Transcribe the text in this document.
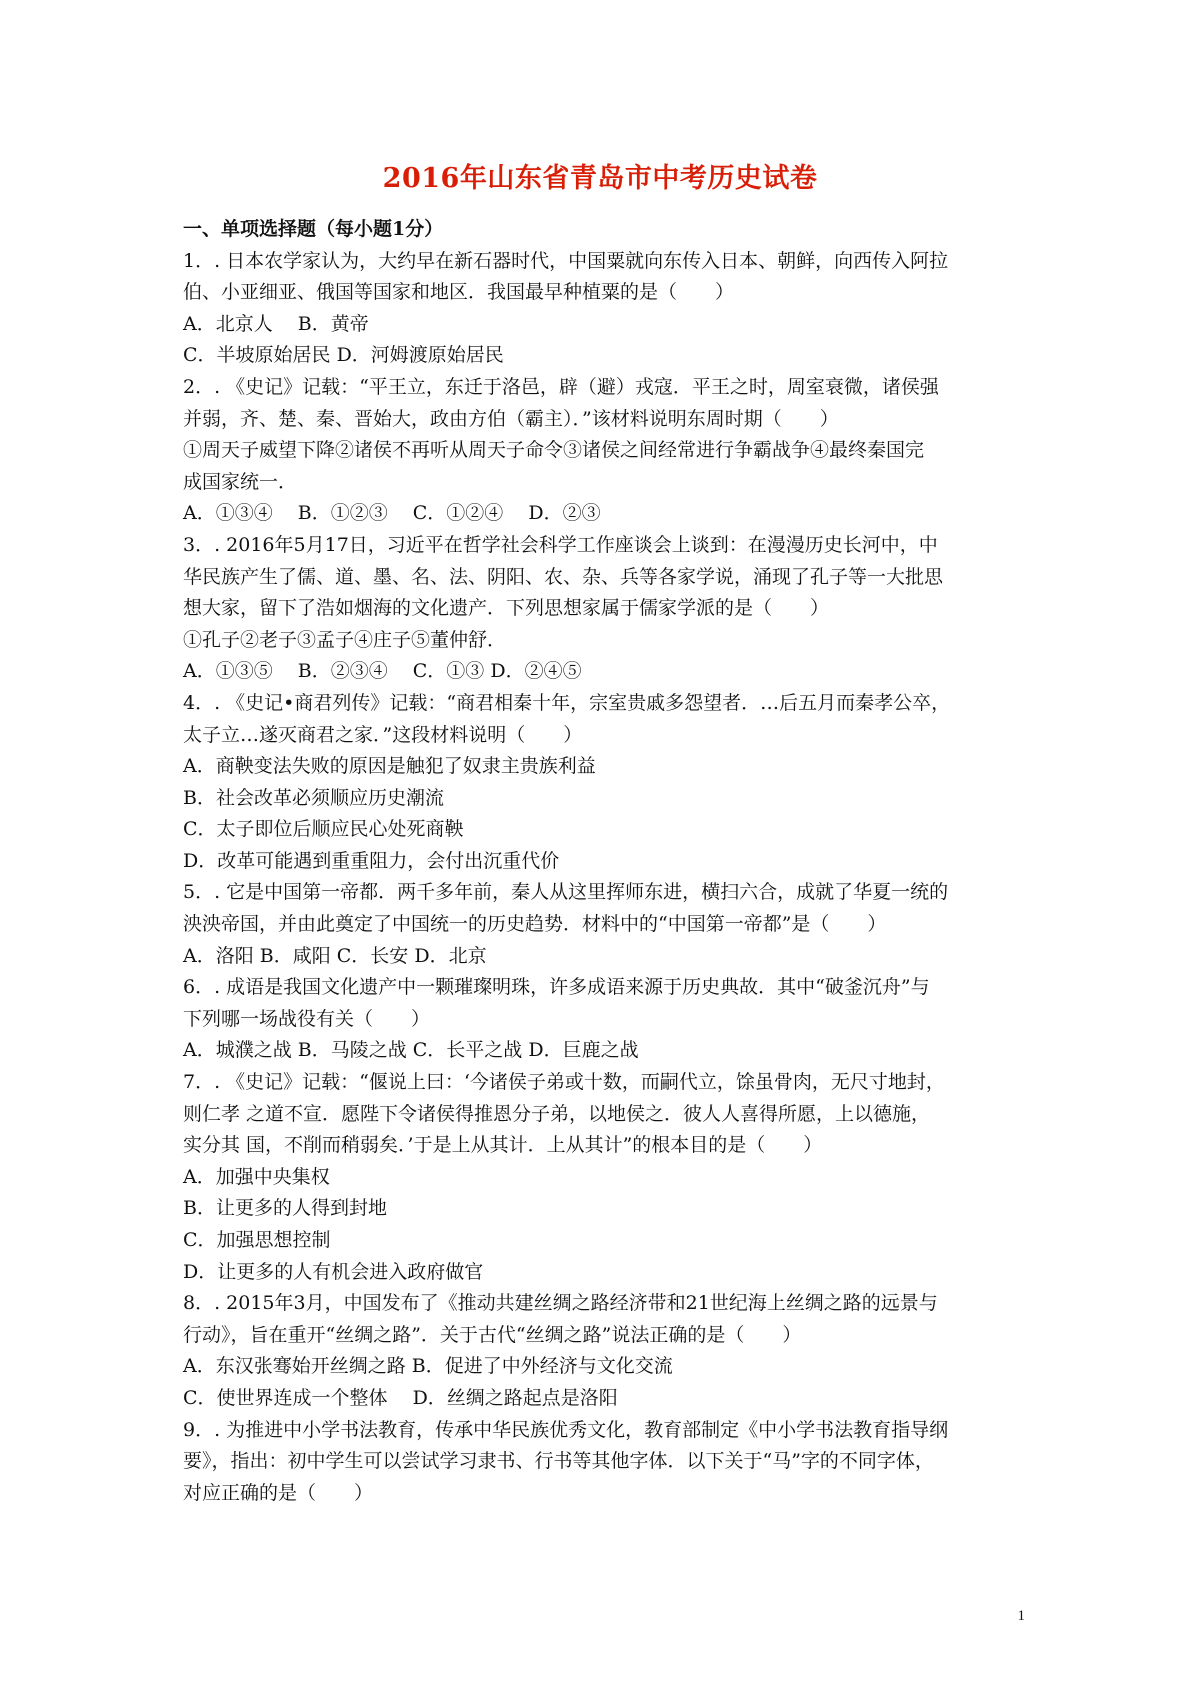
2016年山东省青岛市中考历史试卷
一、单项选择题（每小题1分）
1．. 日本农学家认为，大约早在新石器时代，中国粟就向东传入日本、朝鲜，向西传入阿拉
伯、小亚细亚、俄国等国家和地区．我国最早种植粟的是（　　）
A．北京人　 B．黄帝
C．半坡原始居民 D．河姆渡原始居民
2．. 《史记》记载：“平王立，东迁于洛邑，辟（避）戎寇．平王之时，周室衰微，诸侯强
并弱，齐、楚、秦、晋始大，政由方伯（霸主）．”该材料说明东周时期（　　）
①周天子威望下降②诸侯不再听从周天子命令③诸侯之间经常进行争霸战争④最终秦国完
成国家统一．
A．①③④　 B．①②③　 C．①②④　 D．②③
3．. 2016年5月17日，习近平在哲学社会科学工作座谈会上谈到：在漫漫历史长河中，中
华民族产生了儒、道、墨、名、法、阴阳、农、杂、兵等各家学说，涌现了孔子等一大批思
想大家，留下了浩如烟海的文化遗产．下列思想家属于儒家学派的是（　　）
①孔子②老子③孟子④庄子⑤董仲舒．
A．①③⑤　 B．②③④　 C．①③ D．②④⑤
4．. 《史记•商君列传》记载：“商君相秦十年，宗室贵戚多怨望者．…后五月而秦孝公卒，
太子立…遂灭商君之家．”这段材料说明（　　）
A．商鞅变法失败的原因是触犯了奴隶主贵族利益
B．社会改革必须顺应历史潮流
C．太子即位后顺应民心处死商鞅
D．改革可能遇到重重阻力，会付出沉重代价
5．. 它是中国第一帝都．两千多年前，秦人从这里挥师东进，横扫六合，成就了华夏一统的
泱泱帝国，并由此奠定了中国统一的历史趋势．材料中的“中国第一帝都”是（　　）
A．洛阳 B．咸阳 C．长安 D．北京
6．. 成语是我国文化遗产中一颗璀璨明珠，许多成语来源于历史典故．其中“破釜沉舟”与
下列哪一场战役有关（　　）
A．城濮之战 B．马陵之战 C．长平之战 D．巨鹿之战
7．. 《史记》记载：“偃说上曰：‘今诸侯子弟或十数，而嗣代立，馀虽骨肉，无尺寸地封，
则仁孝 之道不宣．愿陛下令诸侯得推恩分子弟，以地侯之．彼人人喜得所愿，上以德施，
实分其 国，不削而稍弱矣．’于是上从其计．上从其计”的根本目的是（　　）
A．加强中央集权
B．让更多的人得到封地
C．加强思想控制
D．让更多的人有机会进入政府做官
8．. 2015年3月，中国发布了《推动共建丝绸之路经济带和21世纪海上丝绸之路的远景与
行动》，旨在重开“丝绸之路”．关于古代“丝绸之路”说法正确的是（　　）
A．东汉张骞始开丝绸之路 B．促进了中外经济与文化交流
C．使世界连成一个整体　 D．丝绸之路起点是洛阳
9．. 为推进中小学书法教育，传承中华民族优秀文化，教育部制定《中小学书法教育指导纲
要》，指出：初中学生可以尝试学习隶书、行书等其他字体．以下关于“马”字的不同字体，
对应正确的是（　　）
1
